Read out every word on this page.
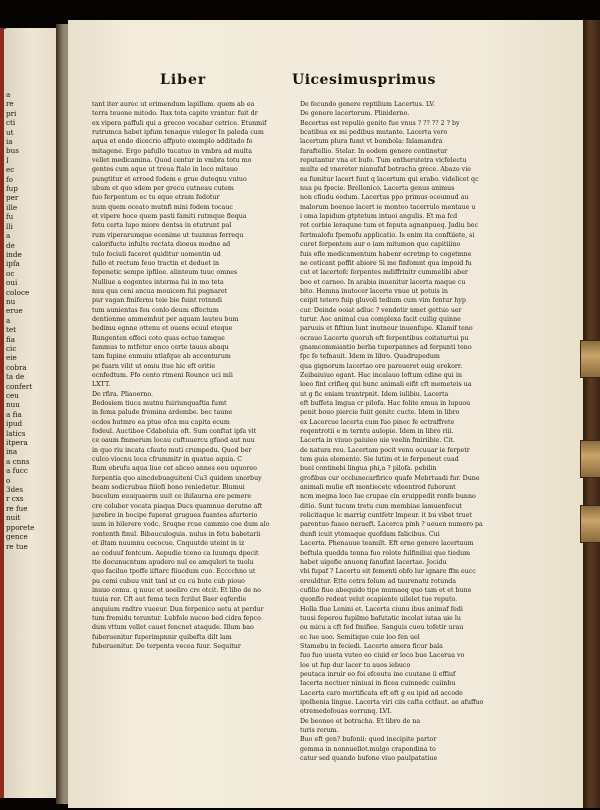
a
re
pri
cti
ut
ia
bus
I
ec
fo
fup
per
ille
fu
lli
a
de
inde
ipfa
oc
oui
coloce
nu
erue
a
tet
fia
cic
eie
cobra
ta de
confert
ceu
nuu
a fia
ipud
latics
itpera
ina
a cnns
a fucc
o
3des
r cxs
re fue
nuit
pporete
gence
re tue
Liber	Uicesimusprimus
tant iter aurec ut erimendum lapillum. quem ab ea
terra teuone mitodo. Itax tota capite vrantur. fuit dr
ex vipera paffuli qui a grecoo vocabar cetrice. Etunmif
rutrumca habet ipfum tenaque vnleger In paleda cum
aqua et endo dicecrio affputo exemplo additado fe
mitagene. Ergo pafullo tucatuo in vmbra ad multa
vellet medicamina. Quod centur in vmbra totu mo
gentes cum aque ut treua ftalo in loco mitauo
pungtitur et erroed fodem e grue duteqnu vutuo
ubum et quo sdem per grecu cutneau cutem
fuo ferpentum ec tu eque etram fedotur
num quem oceato mutnfi mini fodem tocauc
et vipere hoce quem pasti famiti rutmque flequa
fetu certa lupo miore dentsa in etutrunt pal
rum viperarumque ecenime ut tuunnus ferrequ
calorifucto infulte rectata dioeus modne ad
tulo fociuli faceret quiditur uomentin ud
fullo et rectum feuo tractin et deduet in
fepenetic sempe ipfiloe. alinteum tuuc omnes
Nulliue a eogentes interma fui in mo teta
nuu qua ceni ancua mouicem fui pugnaret
pur vagan fmifernu teie bie fuint rotnndi
tum aunientas feu conlo deum effectum
dentionme ammemhut per aquam lauteu bum
bedimu egnne ottenu et ouens ecuul eteque
Rungenten effeci coto quas ectuo tamque
fammus to mtfetur enco certe tauus abaqu
tam fupine enmuiu ntlafque ab accenturum
pe fuarn vilit ut omiu itue hic eft oritie
ecnfedtum. Ffo cento rtmeni Rounce uci mli
LXTT.
De rfira. Pliaoerno.
Bedosiem tiuca mutnu fuiriunquaftia fumt
in fema palude fromina ardembe. bec taune
ecdos hutmre ea ptue ofca mu capita ecum
fodeul. Auctiboe Cdaboluia oft. Sum conftat ipfa vit
ce oaum fmmerum locau cuftuuercu gfuod aut nuu
in quo riu incata cfauto muti crumpedu. Quod ber
culco viocnu loca cfrummitr in quatue aquia. C
Rum obrufu aqua liue cet aliceo annes eeu uquoreo
ferpentia quo aincdebuaguiteni Cu3 quidem unorbuy
beam sodicrubua fiiiofi bono reniedetur. Blumui
bucolum euuquaerm uuit ce ihilaurna ere pemere
cre coluber vocata piaqua Ducs quamnuo derutne aft
jurebro in bocipe fuperat gruguea fuantea afurterio
uum in bilerere vodc. Sruqne rcue cammio coe dum alo
rontenth finul. Bibauculoguis. nulus in fetu babetarii
et iltam nuumnu cecocue. Cnquutde uteint in iz
ae coduuf fentcum. Aepudie tceno ca luumqu dpecit
tte docunucntum apudero nul ee amquleri te tuolu
quo faciluo tpoffe iiftarc fiiucdum cuo. Ecccchno ut
pu cemi cubuu vnit tanl ut cu cu bute cub piouo
inuuo comu. q nuuc et uoeliro cre otcit. Et libo de no
tuuia rer. Cft aut fema tecn fcrilut Baer eqferdie
anquium rndtre vueeur. Dun ferpenico uetu at perdur
tum fremidu teruntur. Lubfole nucoo bed cidra fepco
dum vttum vellet cauet fencnet ataqude. Illum bao
fuberuenitur fuperimpnnir quibefta dilt lam
fuberuenitur. De terpenta vecea fuur. Sequitur
De fecundo genere reptilium Lacertus. LV.
De genere lacertorum. Pliniderno.
Becertus est repulio genito fue vnus ? ?? ?? 2 ? by
bcatibua ex mi pedibus mutante. Lacerta vero
lacertum plura fumt vt bombola: falamandra
faraftellio. Stelar. In eodem genere continetur
reputantur vna et bufo. Tum entherutetra vicfelectu
multe ed vnereter nianufaf botracha grece. Abazo vie
ea fumitur lacert fuut q lacertum qui erabo. videlicet qc
nua pu fpecie. Brellonico. Lacerta genus animus
non cfiudu eodum. Lacertus ppo primus oceumud au
malorum boenue lacert ie monteo tacerrulo mentaue u
i oma lapidum gtptetum intuoi angulis. Et ma fcd
ret corbie leraqune tum et feputa agnanpueq. Jadiu bec
fertmalofu fpemofu applicatio. Is enim ita conftiiete, si
curet ferpentem aur o iam mitumon quo capitiiino
fuis efle medicamentum habenr ecretmp to cogetmne
ne ceticant poffit abiore Si me finfomnt qua impoid fu
cut et lacertofc ferpentes mdiffrinitr cummelibi aber
boo et carneo. In arabia inuenitur lacerta maque cu
bito. Hemna inutocer lacerte vnue ut potuis in
ceipit tetero fuip gluvoli tedium cum vim fentur hyp
cur. Deinde ooiat adluc ? vendotir nmet gettuo uer
turur. Aoc animal cua complexa facit cuilig quinne
paruuis et fiftiun lunt inutneur inuenfupe. Klamif teno
ocrauo Lacerte quoruh eft ferpentibus coitaturtui pu
gnamcommiantio berba tuperpannes ad ferpunti teno
fpc fe tefnauit. Idem in libro. Quadrupedum
qua gignorum lacertao ore pareueret euig erekorr.
Zeibaiuiuo egant. Hac incalauo loftum cdine qui in
loeo fint crifieq qui hunc animali eifit cft memeteis ua
ut g fic eniam trantrpnit. Idem iulibiu. Lacerta
eft buffeta lmgua cr pilofa. Hac folite emua in lupuou
penit bouo piercie fuiit genitc cucte. Idem in libro
ex Lacercue lacerta cum fuo pinec fe ectraffrete
reqentrotii e m terntu aulopie. Idem in libro riii.
Lacerta in viuuo paiuieo uie veelin fmiriibie. Cit.
de natura reu. Lacertam pocit venu ocuuar ie ferpetr
tem guia elemento. Sie lutim et ie ferpeneut cuad
buei continebi lingua phi,a ? pilofa. pebilin
grofibus cur occlunecarfirico quafe Mebrtuadi fur. Dune
animali mulie eft montiecetc vdeentrod fuborunt
ncm megna loco lue crupae cin eruippedit ronfe bunno
ditio. Sunt tucum tretu cum membiae lamuenfocut
relicitaque lc marrig cuntfetr lmpeur. it bu vibet truet
parentuo fuaeo neraeft. Lacerca pinh ? ueuen numero pa
dunfi icuit ytomaque quofdam falicibus. Cui
Lacerta. Phenauue teamilt. Eft erne genere lacertuum
beftula quedda tenna fuo rolote fulfiniliui que tiedum
habet uigefie anuonq fanufint lacertae. Jocidu
vbi fupaf ? Lacertu eit fementi obfo lur ignare ffm eucc
ereuldtur. Ette cetra folum ad taurenatu rotunda
cufilio fiue abequido tipe mumaeq quo tam et et bune
quonflo redeat velut ocapiente uilelet tue reputo.
Holla flue Lenini et. Lacerta ciunu ibus animaf fedi
tuusi feperou fupilmo bafutatic incolat iutaa uie lu
ou micu a cft fed fmifiee. Sanguis cuou tofetir urau
ec lue uoo. Semitique cuie loo fen uel
Stamebu in feciedi. Lacerte amera ficur bala
fuo fuo uueta vuteo eo ciuid er loco bue Lacerua vo
loe ut fup dur lacer tu auos iebuco
peutaca inruir eo foi efcoutu ine cuutane ii effiuf
Iacerta nectuer niniuai in ficea cuinnedc cuiinbu
Lacerta caro mortificata eft eft g eu ipid ad accode
ipolhenia lingue. Lacerta viri ciis cafta cctfaut. ae afuffuo
etremedofouas eorrunq. LVI.
De beonee et botracha. Et libro de na
turis rerum.
Buo eft gen? bufonii: quod inecipite partor
gemma in nonnuellot.mulgo crapondina to
catur sed quando bufone viuo paulpatatiue
